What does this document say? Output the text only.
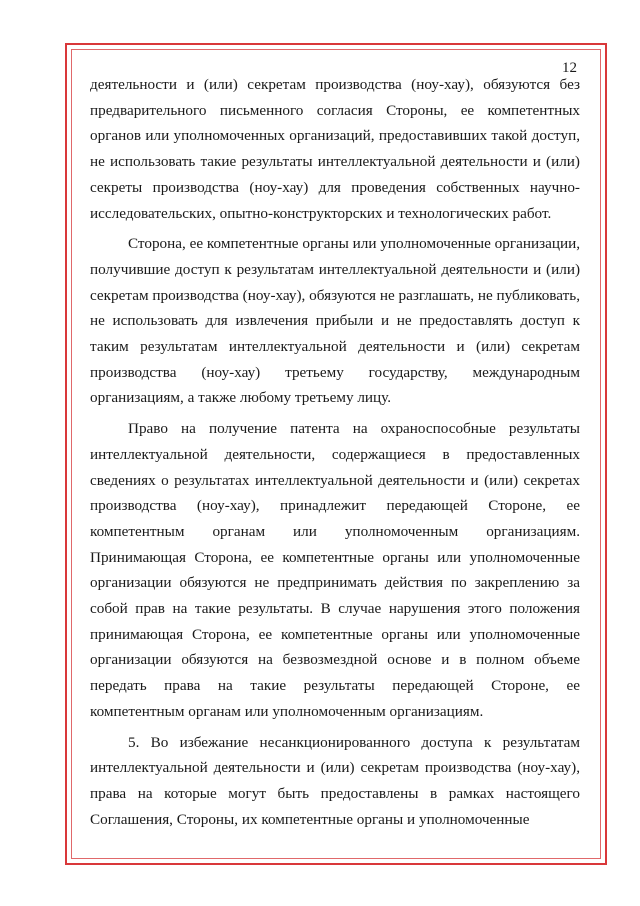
12

деятельности и (или) секретам производства (ноу-хау), обязуются без предварительного письменного согласия Стороны, ее компетентных органов или уполномоченных организаций, предоставивших такой доступ, не использовать такие результаты интеллектуальной деятельности и (или) секреты производства (ноу-хау) для проведения собственных научно-исследовательских, опытно-конструкторских и технологических работ.

Сторона, ее компетентные органы или уполномоченные организации, получившие доступ к результатам интеллектуальной деятельности и (или) секретам производства (ноу-хау), обязуются не разглашать, не публиковать, не использовать для извлечения прибыли и не предоставлять доступ к таким результатам интеллектуальной деятельности и (или) секретам производства (ноу-хау) третьему государству, международным организациям, а также любому третьему лицу.

Право на получение патента на охраноспособные результаты интеллектуальной деятельности, содержащиеся в предоставленных сведениях о результатах интеллектуальной деятельности и (или) секретах производства (ноу-хау), принадлежит передающей Стороне, ее компетентным органам или уполномоченным организациям. Принимающая Сторона, ее компетентные органы или уполномоченные организации обязуются не предпринимать действия по закреплению за собой прав на такие результаты. В случае нарушения этого положения принимающая Сторона, ее компетентные органы или уполномоченные организации обязуются на безвозмездной основе и в полном объеме передать права на такие результаты передающей Стороне, ее компетентным органам или уполномоченным организациям.

5. Во избежание несанкционированного доступа к результатам интеллектуальной деятельности и (или) секретам производства (ноу-хау), права на которые могут быть предоставлены в рамках настоящего Соглашения, Стороны, их компетентные органы и уполномоченные
